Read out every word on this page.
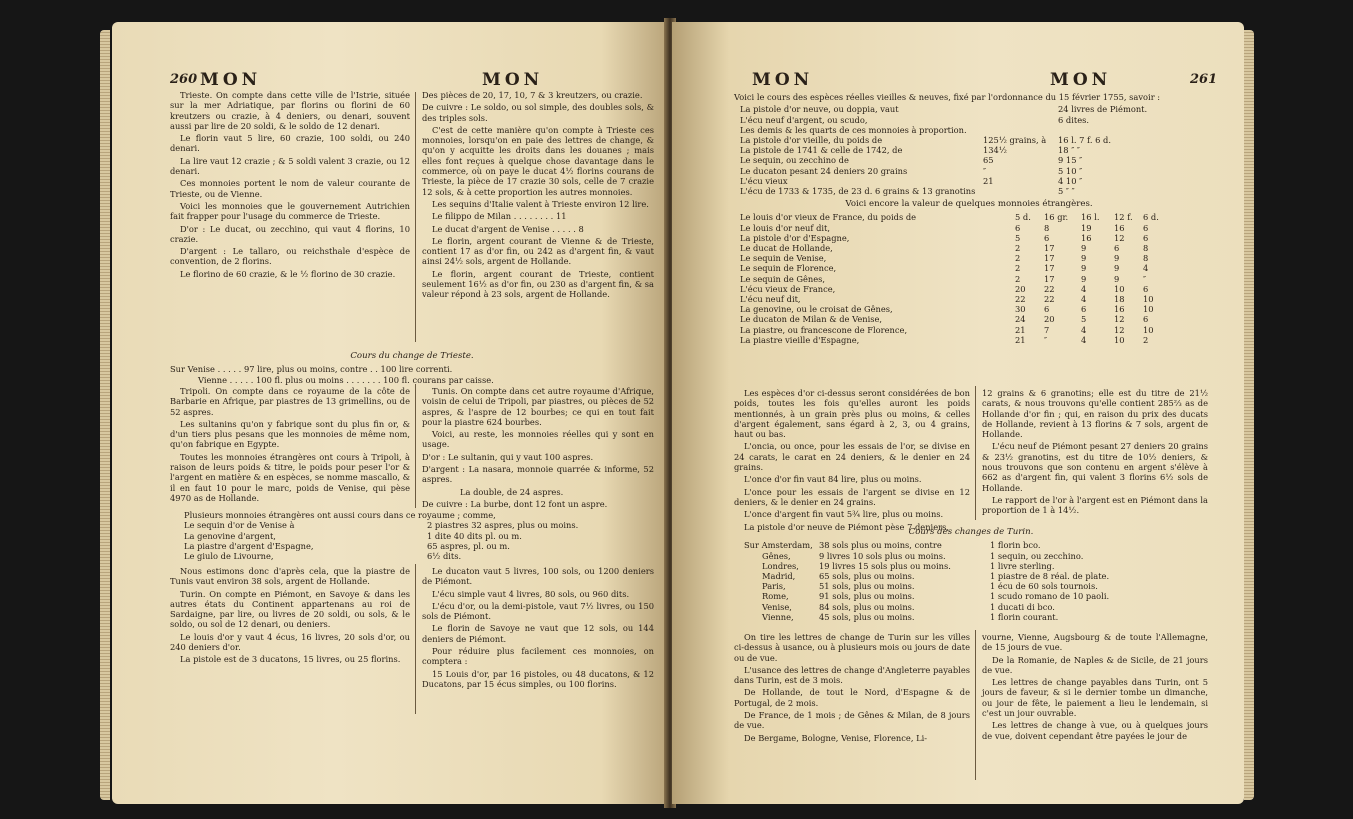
260 MON	MON

Trieste. On compte dans cette ville de l'Istrie, située sur la mer Adriatique, par florins ou florini de 60 kreutzers ou crazie, à 4 deniers, ou denari, souvent aussi par lire de 20 soldi, & le soldo de 12 denari.

Le florin vaut 5 lire, 60 crazie, 100 soldi, ou 240 denari.

La lire vaut 12 crazie ; & 5 soldi valent 3 crazie, ou 12 denari.

Ces monnoies portent le nom de valeur courante de Trieste, ou de Vienne.

Voici les monnoies que le gouvernement Autrichien fait frapper pour l'usage du commerce de Trieste.

D'or : Le ducat, ou zecchino, qui vaut 4 florins, 10 crazie.

D'argent : Le tallaro, ou reichsthale d'espèce de convention, de 2 florins.

Le florino de 60 crazie, & le ½ florino de 30 crazie.

Des pièces de 20, 17, 10, 7 & 3 kreutzers, ou crazie.

De cuivre : Le soldo, ou sol simple, des doubles sols, & des triples sols.

C'est de cette manière qu'on compte à Trieste ces monnoies, lorsqu'on en paie des lettres de change, & qu'on y acquitte les droits dans les douanes ; mais elles font reçues à quelque chose davantage dans le commerce, où on paye le ducat 4½ florins courans de Trieste, la pièce de 17 crazie 30 sols, celle de 7 crazie 12 sols, & à cette proportion les autres monnoies.

Les sequins d'Italie valent à Trieste environ 12 lire.

Le filippo de Milan . . . . . . . . 11

Le ducat d'argent de Venise . . . . . 8

Le florin, argent courant de Vienne & de Trieste, contient 17 as d'or fin, ou 242 as d'argent fin, & vaut ainsi 24½ sols, argent de Hollande.

Le florin, argent courant de Trieste, contient seulement 16½ as d'or fin, ou 230 as d'argent fin, & sa valeur répond à 23 sols, argent de Hollande.

Cours du change de Trieste.
Sur Venise . . . . . 97 lire, plus ou moins, contre . . 100 lire correnti.
Vienne . . . . . 100 fl. plus ou moins . . . . . . . 100 fl. courans par caisse.

Tripoli. On compte dans ce royaume de la côte de Barbarie en Afrique, par piastres de 13 grimellins, ou de 52 aspres.

Les sultanins qu'on y fabrique sont du plus fin or, & d'un tiers plus pesans que les monnoies de même nom, qu'on fabrique en Egypte.

Toutes les monnoies étrangères ont cours à Tripoli, à raison de leurs poids & titre, le poids pour peser l'or & l'argent en matière & en espèces, se nomme mascallo, & il en faut 10 pour le marc, poids de Venise, qui pèse 4970 as de Hollande.

Tunis. On compte dans cet autre royaume d'Afrique, voisin de celui de Tripoli, par piastres, ou pièces de 52 aspres, & l'aspre de 12 bourbes; ce qui en tout fait pour la piastre 624 bourbes.

Voici, au reste, les monnoies réelles qui y sont en usage.

D'or : Le sultanin, qui y vaut 100 aspres.

D'argent : La nasara, monnoie quarrée & informe, 52 aspres.

La double, de 24 aspres.

De cuivre : La burbe, dont 12 font un aspre.

Plusieurs monnoies étrangères ont aussi cours dans ce royaume ; comme,
Le sequin d'or de Venise à	2 piastres 32 aspres, plus ou moins.
La genovine d'argent,	1 dite 40 dits pl. ou m.
La piastre d'argent d'Espagne,	65 aspres, pl. ou m.
Le giulo de Livourne,	6½ dits.

Nous estimons donc d'après cela, que la piastre de Tunis vaut environ 38 sols, argent de Hollande.

Turin. On compte en Piémont, en Savoye & dans les autres états du Continent appartenans au roi de Sardaigne, par lire, ou livres de 20 soldi, ou sols, & le soldo, ou sol de 12 denari, ou deniers.

Le louis d'or y vaut 4 écus, 16 livres, 20 sols d'or, ou 240 deniers d'or.

La pistole est de 3 ducatons, 15 livres, ou 25 florins.

Le ducaton vaut 5 livres, 100 sols, ou 1200 deniers de Piémont.

L'écu simple vaut 4 livres, 80 sols, ou 960 dits.

L'écu d'or, ou la demi-pistole, vaut 7½ livres, ou 150 sols de Piémont.

Le florin de Savoye ne vaut que 12 sols, ou 144 deniers de Piémont.

Pour réduire plus facilement ces monnoies, on comptera :

15 Louis d'or, par 16 pistoles, ou 48 ducatons, & 12 Ducatons, par 15 écus simples, ou 100 florins.

MON	MON	261
Voici le cours des espèces réelles vieilles & neuves, fixé par l'ordonnance du 15 février 1755, savoir :
La pistole d'or neuve, ou doppia, vaut		24 livres de Piémont.
L'écu neuf d'argent, ou scudo,		6 dites.
Les demis & les quarts de ces monnoies à proportion.		
La pistole d'or vieille, du poids de	125½ grains, à	16 l. 7 f. 6 d.
La pistole de 1741 & celle de 1742, de	134½	18 ″ ″
Le sequin, ou zecchino de	65	9 15 ″
Le ducaton pesant 24 deniers 20 grains	″	5 10 ″
L'écu vieux	21	4 10 ″
L'écu de 1733 & 1735, de 23 d. 6 grains & 13 granotins		5 ″ ″
Voici encore la valeur de quelques monnoies étrangères.
Le louis d'or vieux de France, du poids de	5 d.	16 gr.	16 l.	12 f.	6 d.
Le louis d'or neuf dit,	6	8	19	16	6
La pistole d'or d'Espagne,	5	6	16	12	6
Le ducat de Hollande,	2	17	9	6	8
Le sequin de Venise,	2	17	9	9	8
Le sequin de Florence,	2	17	9	9	4
Le sequin de Gênes,	2	17	9	9	″
L'écu vieux de France,	20	22	4	10	6
L'écu neuf dit,	22	22	4	18	10
La genovine, ou le croisat de Gênes,	30	6	6	16	10
Le ducaton de Milan & de Venise,	24	20	5	12	6
La piastre, ou francescone de Florence,	21	7	4	12	10
La piastre vieille d'Espagne,	21	″	4	10	2

Les espèces d'or ci-dessus seront considérées de bon poids, toutes les fois qu'elles auront les poids mentionnés, à un grain près plus ou moins, & celles d'argent également, sans égard à 2, 3, ou 4 grains, haut ou bas.

L'oncia, ou once, pour les essais de l'or, se divise en 24 carats, le carat en 24 deniers, & le denier en 24 grains.

L'once d'or fin vaut 84 lire, plus ou moins.

L'once pour les essais de l'argent se divise en 12 deniers, & le denier en 24 grains.

L'once d'argent fin vaut 5¾ lire, plus ou moins.

La pistole d'or neuve de Piémont pèse 7 deniers,

12 grains & 6 granotins; elle est du titre de 21½ carats, & nous trouvons qu'elle contient 285⅔ as de Hollande d'or fin ; qui, en raison du prix des ducats de Hollande, revient à 13 florins & 7 sols, argent de Hollande.

L'écu neuf de Piémont pesant 27 deniers 20 grains & 23½ granotins, est du titre de 10½ deniers, & nous trouvons que son contenu en argent s'élève à 662 as d'argent fin, qui valent 3 florins 6½ sols de Hollande.

Le rapport de l'or à l'argent est en Piémont dans la proportion de 1 à 14½.

Cours des changes de Turin.
Sur Amsterdam,	38 sols plus ou moins, contre	1 florin bco.
Gênes,	9 livres 10 sols plus ou moins.	1 sequin, ou zecchino.
Londres,	19 livres 15 sols plus ou moins.	1 livre sterling.
Madrid,	65 sols, plus ou moins.	1 piastre de 8 réal. de plate.
Paris,	51 sols, plus ou moins.	1 écu de 60 sols tournois.
Rome,	91 sols, plus ou moins.	1 scudo romano de 10 paoli.
Venise,	84 sols, plus ou moins.	1 ducati di bco.
Vienne,	45 sols, plus ou moins.	1 florin courant.

On tire les lettres de change de Turin sur les villes ci-dessus à usance, ou à plusieurs mois ou jours de date ou de vue.

L'usance des lettres de change d'Angleterre payables dans Turin, est de 3 mois.

De Hollande, de tout le Nord, d'Espagne & de Portugal, de 2 mois.

De France, de 1 mois ; de Gênes & Milan, de 8 jours de vue.

De Bergame, Bologne, Venise, Florence, Li-

vourne, Vienne, Augsbourg & de toute l'Allemagne, de 15 jours de vue.

De la Romanie, de Naples & de Sicile, de 21 jours de vue.

Les lettres de change payables dans Turin, ont 5 jours de faveur, & si le dernier tombe un dimanche, ou jour de fête, le paiement a lieu le lendemain, si c'est un jour ouvrable.

Les lettres de change à vue, ou à quelques jours de vue, doivent cependant être payées le jour de
